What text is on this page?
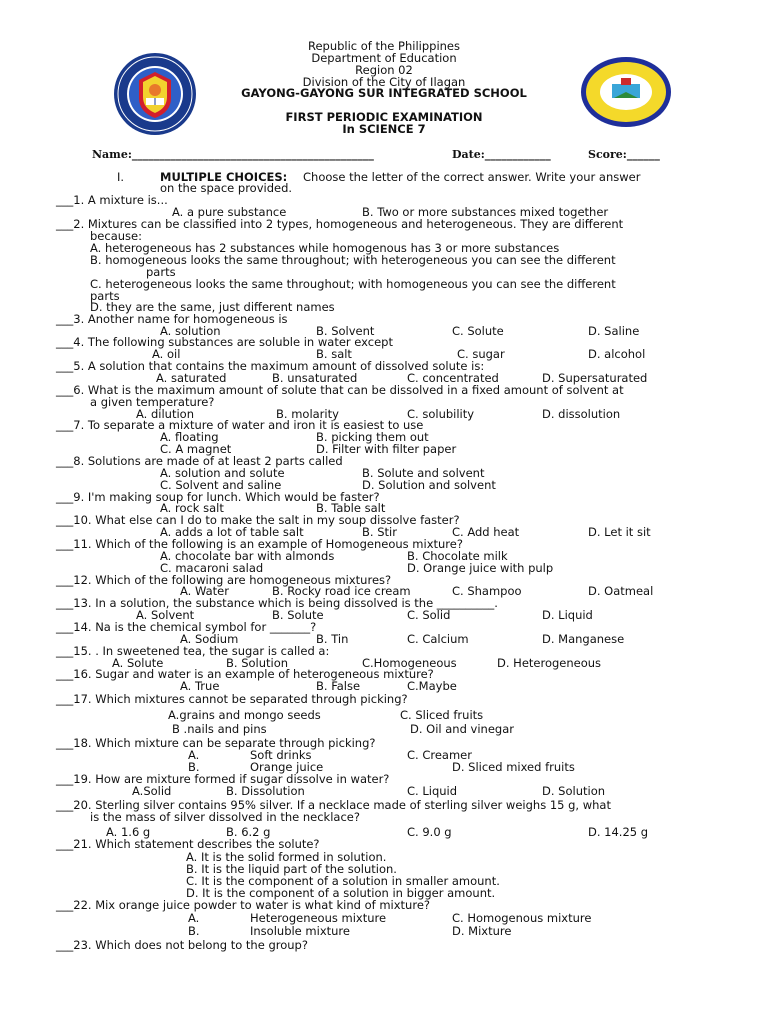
Republic of the Philippines
Department of Education
Region 02
Division of the City of Ilagan
GAYONG-GAYONG SUR INTEGRATED SCHOOL
FIRST PERIODIC EXAMINATION
In SCIENCE 7
Name:____________________________________________	Date:____________	Score:______
I.	MULTIPLE CHOICES: Choose the letter of the correct answer. Write your answer
on the space provided.
___1. A mixture is...
A. a pure substance	B. Two or more substances mixed together
___2. Mixtures can be classified into 2 types, homogeneous and heterogeneous. They are different
because:
A. heterogeneous has 2 substances while homogenous has 3 or more substances
B. homogeneous looks the same throughout; with heterogeneous you can see the different
parts
C. heterogeneous looks the same throughout; with homogeneous you can see the different
parts
D. they are the same, just different names
___3. Another name for homogeneous is
A. solution	B. Solvent	C. Solute	D. Saline
___4. The following substances are soluble in water except
A. oil	B. salt	C. sugar	D. alcohol
___5. A solution that contains the maximum amount of dissolved solute is:
A. saturated	B. unsaturated	C. concentrated	D. Supersaturated
___6. What is the maximum amount of solute that can be dissolved in a fixed amount of solvent at
a given temperature?
A. dilution	B. molarity	C. solubility	D. dissolution
___7. To separate a mixture of water and iron it is easiest to use
A. floating	B. picking them out
C. A magnet	D. Filter with filter paper
___8. Solutions are made of at least 2 parts called
A. solution and solute	B. Solute and solvent
C. Solvent and saline	D. Solution and solvent
___9. I'm making soup for lunch. Which would be faster?
A. rock salt	B. Table salt
___10. What else can I do to make the salt in my soup dissolve faster?
A. adds a lot of table salt	B. Stir	C. Add heat	D. Let it sit
___11. Which of the following is an example of Homogeneous mixture?
A. chocolate bar with almonds	B. Chocolate milk
C. macaroni salad	D. Orange juice with pulp
___12. Which of the following are homogeneous mixtures?
A. Water	B. Rocky road ice cream	C. Shampoo	D. Oatmeal
___13. In a solution, the substance which is being dissolved is the __________.
A. Solvent	B. Solute	C. Solid	D. Liquid
___14. Na is the chemical symbol for _______?
A. Sodium	B. Tin	C. Calcium	D. Manganese
___15. . In sweetened tea, the sugar is called a:
A. Solute	B. Solution	C.Homogeneous	D. Heterogeneous
___16. Sugar and water is an example of heterogeneous mixture?
A. True	B. False	C.Maybe
___17. Which mixtures cannot be separated through picking?
A.grains and mongo seeds	C. Sliced fruits
B .nails and pins	D. Oil and vinegar
___18. Which mixture can be separate through picking?
A.	Soft drinks	C. Creamer
B.	Orange juice	D. Sliced mixed fruits
___19. How are mixture formed if sugar dissolve in water?
A.Solid	B. Dissolution	C. Liquid	D. Solution
___20. Sterling silver contains 95% silver. If a necklace made of sterling silver weighs 15 g, what
is the mass of silver dissolved in the necklace?
A. 1.6 g	B. 6.2 g	C. 9.0 g	D. 14.25 g
___21. Which statement describes the solute?
A. It is the solid formed in solution.
B. It is the liquid part of the solution.
C. It is the component of a solution in smaller amount.
D. It is the component of a solution in bigger amount.
___22. Mix orange juice powder to water is what kind of mixture?
A.	Heterogeneous mixture	C. Homogenous mixture
B.	Insoluble mixture	D. Mixture
___23. Which does not belong to the group?
